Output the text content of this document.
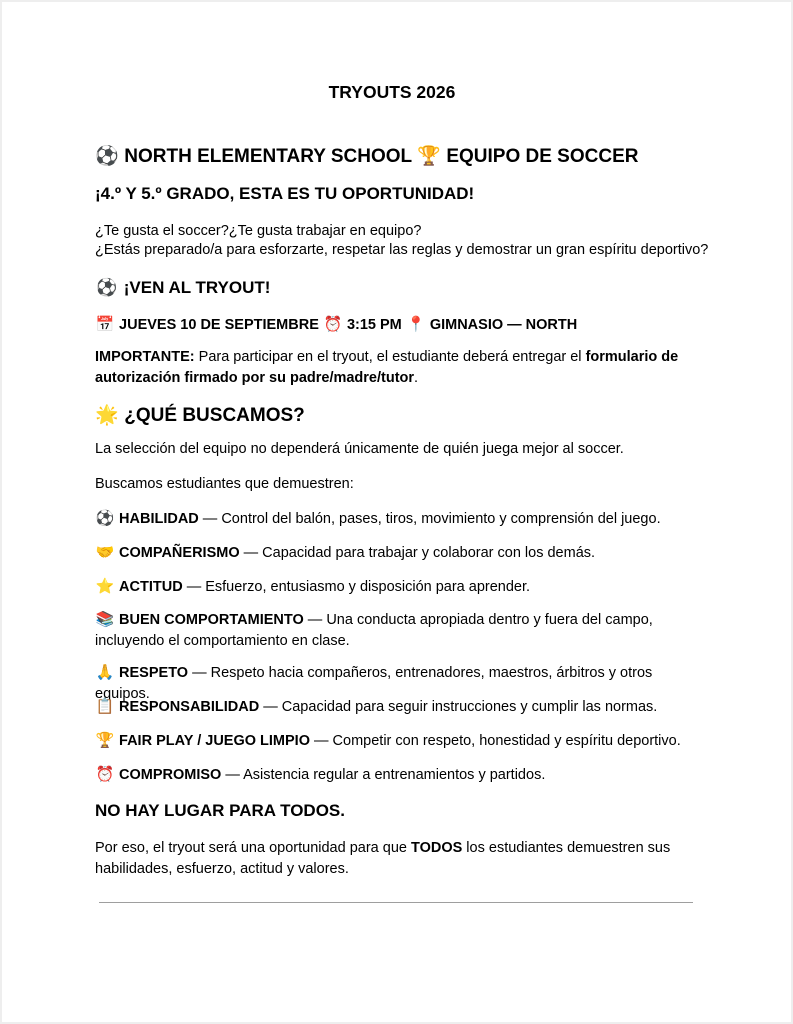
TRYOUTS 2026
⚽ NORTH ELEMENTARY SCHOOL 🏆 EQUIPO DE SOCCER
¡4.º Y 5.º GRADO, ESTA ES TU OPORTUNIDAD!
¿Te gusta el soccer?¿Te gusta trabajar en equipo?
¿Estás preparado/a para esforzarte, respetar las reglas y demostrar un gran espíritu deportivo?
⚽ ¡VEN AL TRYOUT!
📅 JUEVES 10 DE SEPTIEMBRE ⏰ 3:15 PM 📍 GIMNASIO — NORTH
IMPORTANTE: Para participar en el tryout, el estudiante deberá entregar el formulario de autorización firmado por su padre/madre/tutor.
🌟 ¿QUÉ BUSCAMOS?
La selección del equipo no dependerá únicamente de quién juega mejor al soccer.
Buscamos estudiantes que demuestren:
⚽ HABILIDAD — Control del balón, pases, tiros, movimiento y comprensión del juego.
🤝 COMPAÑERISMO — Capacidad para trabajar y colaborar con los demás.
⭐ ACTITUD — Esfuerzo, entusiasmo y disposición para aprender.
📚 BUEN COMPORTAMIENTO — Una conducta apropiada dentro y fuera del campo, incluyendo el comportamiento en clase.
🙏 RESPETO — Respeto hacia compañeros, entrenadores, maestros, árbitros y otros equipos.
📋 RESPONSABILIDAD — Capacidad para seguir instrucciones y cumplir las normas.
🏆 FAIR PLAY / JUEGO LIMPIO — Competir con respeto, honestidad y espíritu deportivo.
⏰ COMPROMISO — Asistencia regular a entrenamientos y partidos.
NO HAY LUGAR PARA TODOS.
Por eso, el tryout será una oportunidad para que TODOS los estudiantes demuestren sus habilidades, esfuerzo, actitud y valores.
